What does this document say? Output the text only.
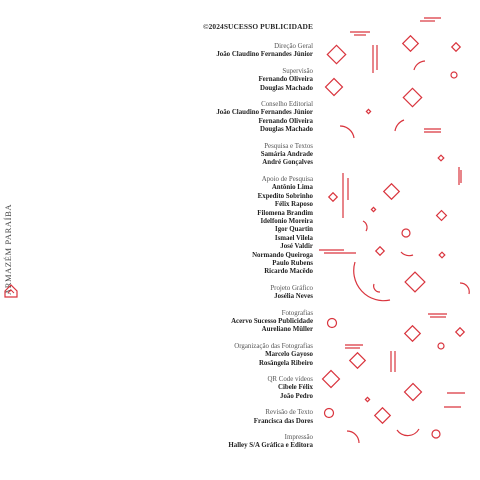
ARMAZÉM PARAÍBA
©2024SUCESSO PUBLICIDADE
Direção Geral
João Claudino Fernandes Júnior
Supervisão
Fernando Oliveira
Douglas Machado
Conselho Editorial
João Claudino Fernandes Júnior
Fernando Oliveira
Douglas Machado
Pesquisa e Textos
Samária Andrade
André Gonçalves
Apoio de Pesquisa
Antônio Lima
Expedito Sobrinho
Félix Raposo
Filomena Brandim
Idelfonio Moreira
Igor Quartin
Ismael Vilela
José Valdir
Normando Queiroga
Paulo Rubens
Ricardo Macêdo
Projeto Gráfico
Josélia Neves
Fotografias
Acervo Sucesso Publicidade
Aureliano Müller
Organização das Fotografias
Marcelo Gayoso
Rosângela Ribeiro
QR Code vídeos
Cibele Félix
João Pedro
Revisão de Texto
Francisca das Dores
Impressão
Halley S/A Gráfica e Editora
